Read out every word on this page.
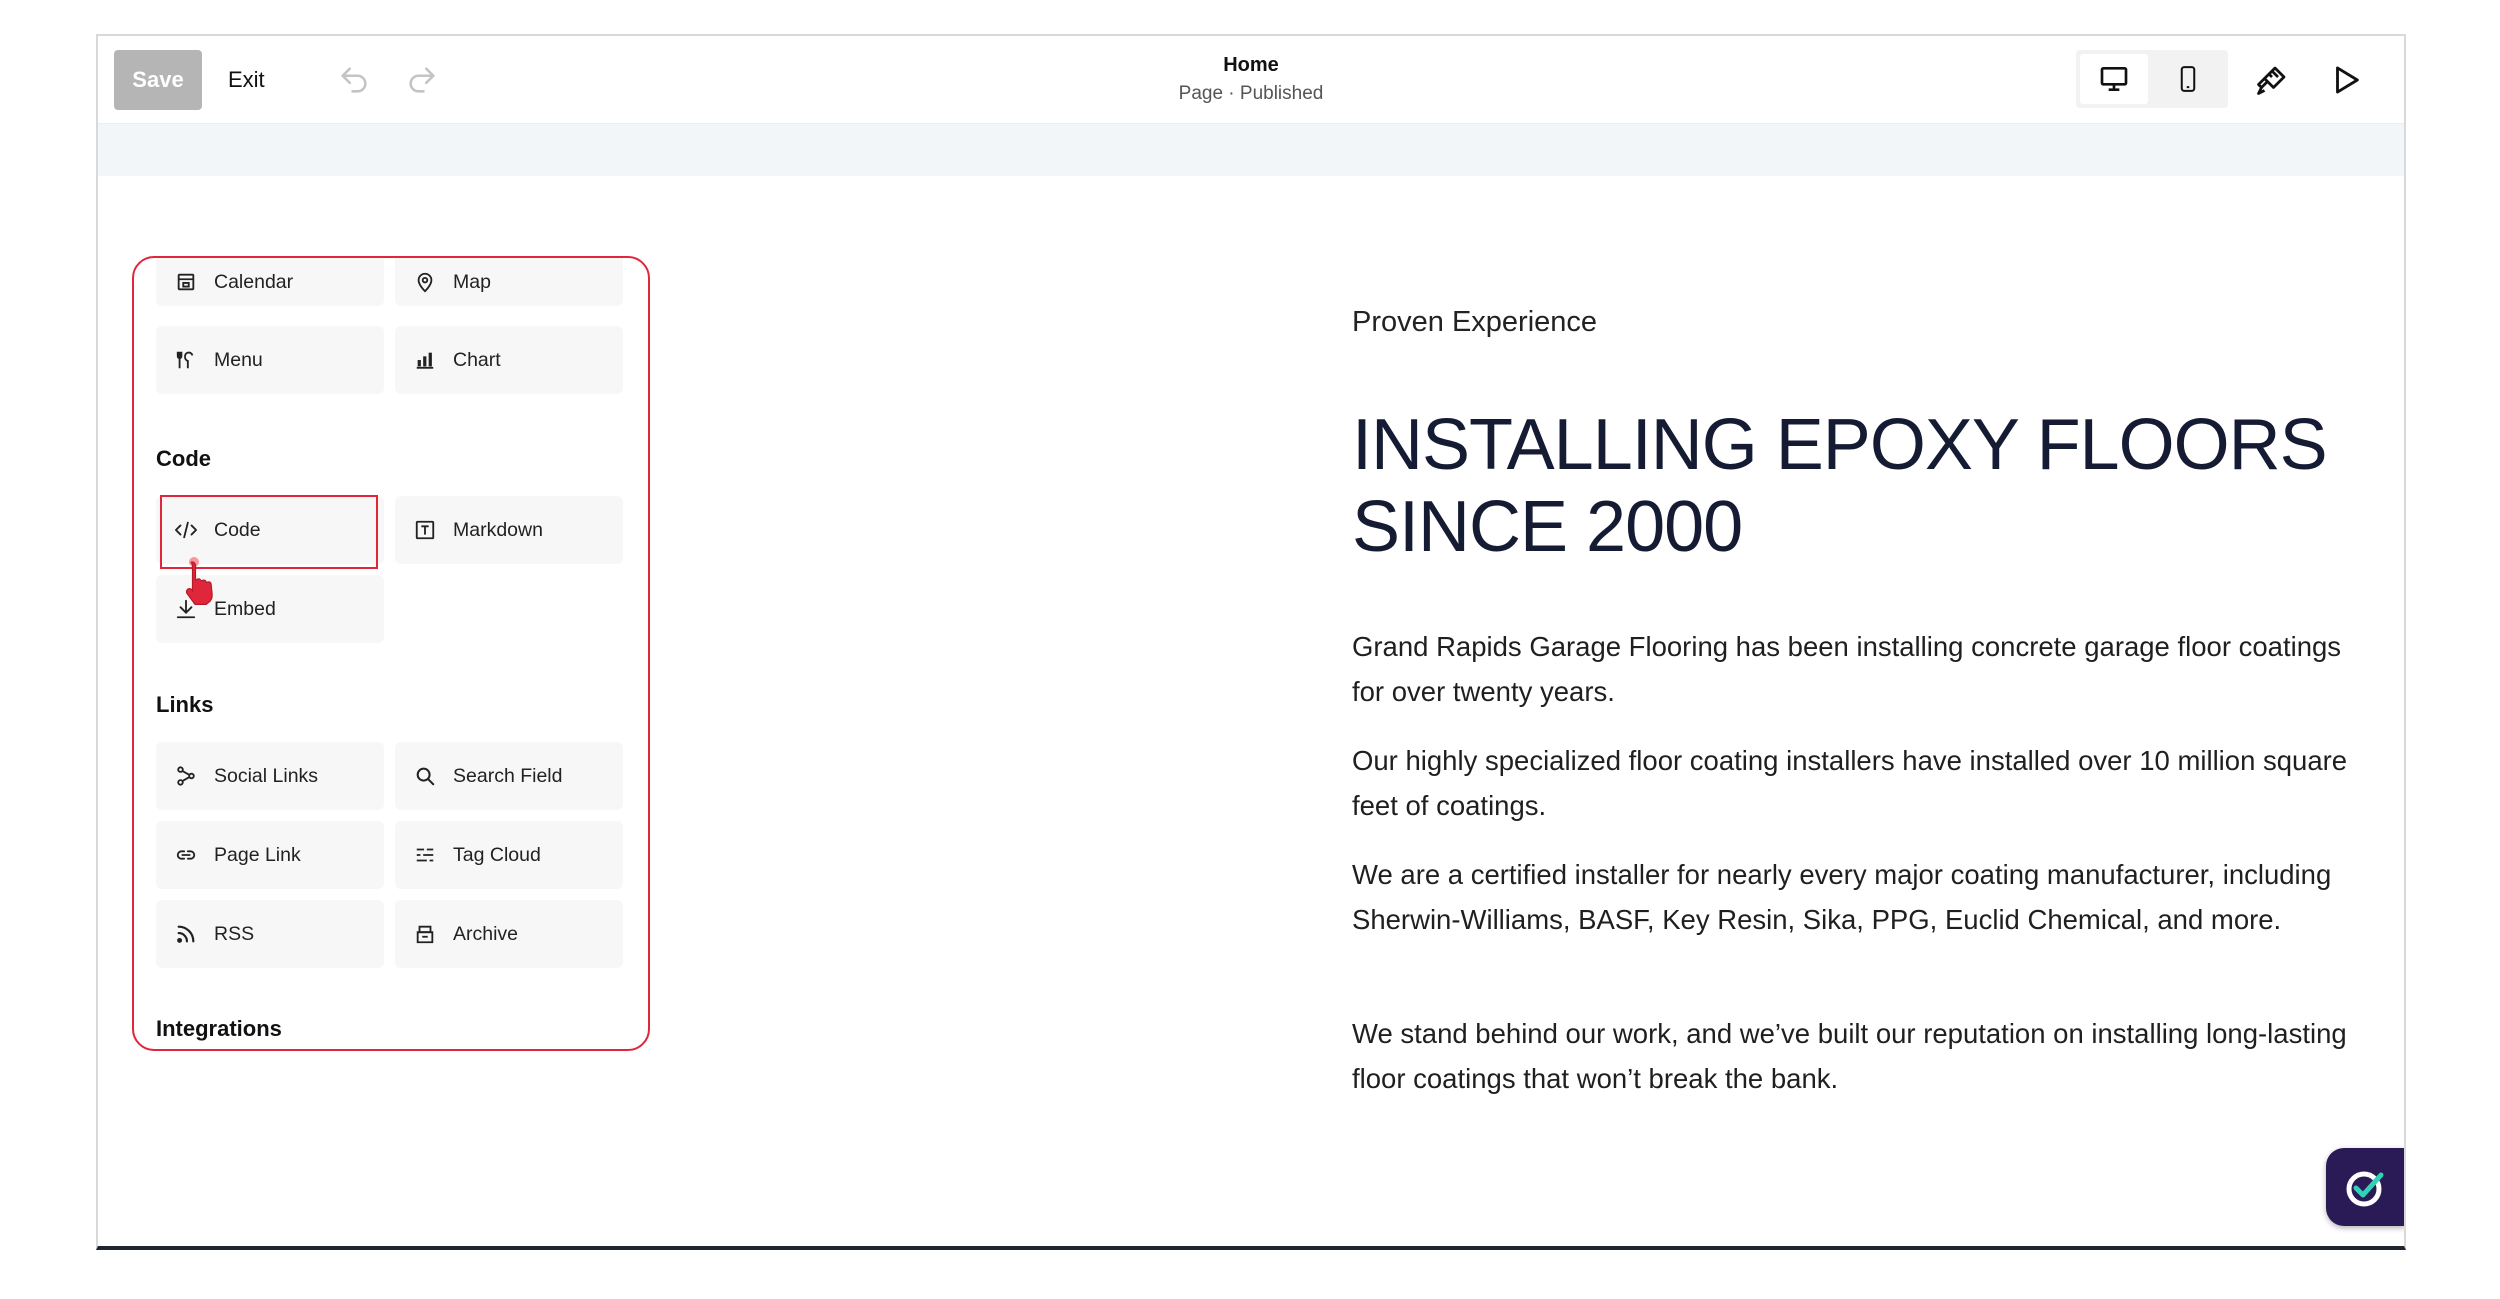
Save	Exit
Home
Page · Published
Calendar	Map
Menu	Chart
Code
Code	Markdown
Embed
Links
Social Links	Search Field
Page Link	Tag Cloud
RSS	Archive
Integrations
Proven Experience
INSTALLING EPOXY FLOORS
SINCE 2000
Grand Rapids Garage Flooring has been installing concrete garage floor coatings for over twenty years.
Our highly specialized floor coating installers have installed over 10 million square feet of coatings.
We are a certified installer for nearly every major coating manufacturer, including Sherwin-Williams, BASF, Key Resin, Sika, PPG, Euclid Chemical, and more.
We stand behind our work, and we’ve built our reputation on installing long-lasting floor coatings that won’t break the bank.
